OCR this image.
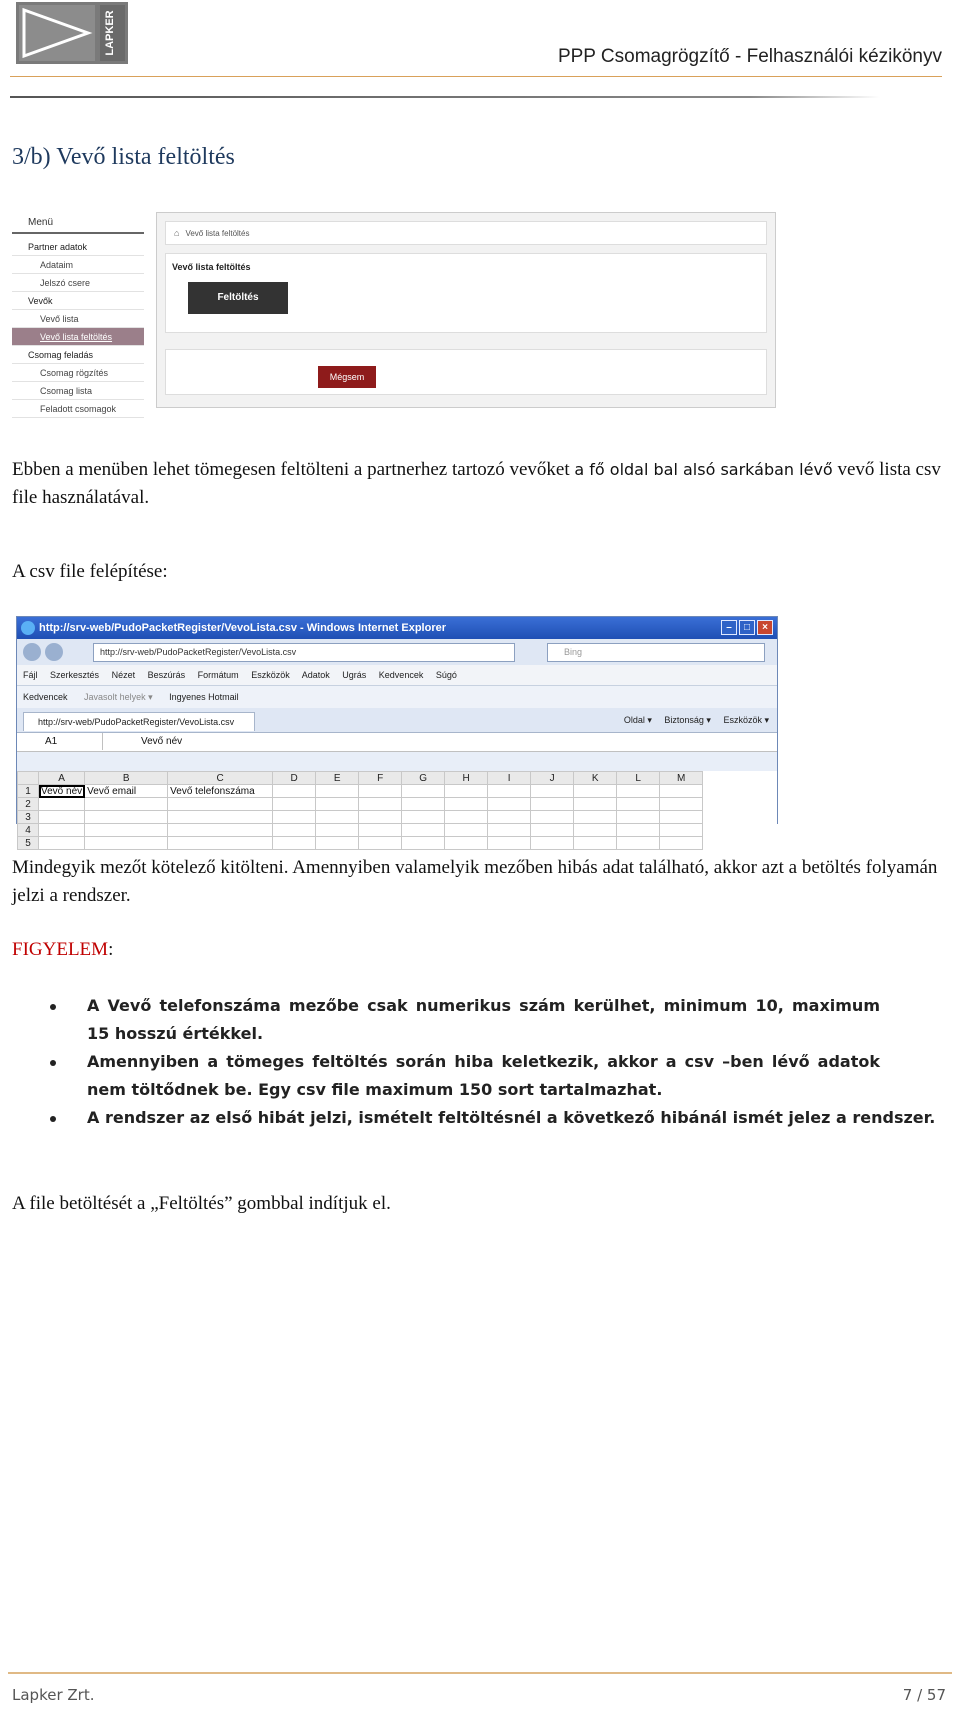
LAPKER
PPP Csomagrögzítő - Felhasználói kézikönyv
3/b) Vevő lista feltöltés
Menü
Partner adatok
Adataim
Jelszó csere
Vevők
Vevő lista
Vevő lista feltöltés
Csomag feladás
Csomag rögzítés
Csomag lista
Feladott csomagok
⌂ Vevő lista feltöltés
Vevő lista feltöltés
Feltöltés
Mégsem

Ebben a menüben lehet tömegesen feltölteni a partnerhez tartozó vevőket a fő oldal bal alsó sarkában lévő vevő lista csv file használatával.

A csv file felépítése:

http://srv-web/PudoPacketRegister/VevoLista.csv - Windows Internet Explorer	–	□	×
http://srv-web/PudoPacketRegister/VevoLista.csv	Bing
Fájl Szerkesztés Nézet Beszúrás Formátum Eszközök Adatok Ugrás Kedvencek Súgó
Kedvencek Javasolt helyek ▾ Ingyenes Hotmail
http://srv-web/PudoPacketRegister/VevoLista.csv	Oldal ▾ Biztonság ▾ Eszközök ▾
A1	Vevő név
	A	B	C	D	E	F	G	H	I	J	K	L	M
1	Vevő név	Vevő email	Vevő telefonszáma										
2													
3													
4													
5													

Mindegyik mezőt kötelező kitölteni. Amennyiben valamelyik mezőben hibás adat található, akkor azt a betöltés folyamán jelzi a rendszer.

FIGYELEM:

A Vevő telefonszáma mezőbe csak numerikus szám kerülhet, minimum 10, maximum 15 hosszú értékkel.
Amennyiben a tömeges feltöltés során hiba keletkezik, akkor a csv –ben lévő adatok nem töltődnek be. Egy csv file maximum 150 sort tartalmazhat.
A rendszer az első hibát jelzi, ismételt feltöltésnél a következő hibánál ismét jelez a rendszer.

A file betöltését a „Feltöltés” gombbal indítjuk el.

Lapker Zrt.	7 / 57
